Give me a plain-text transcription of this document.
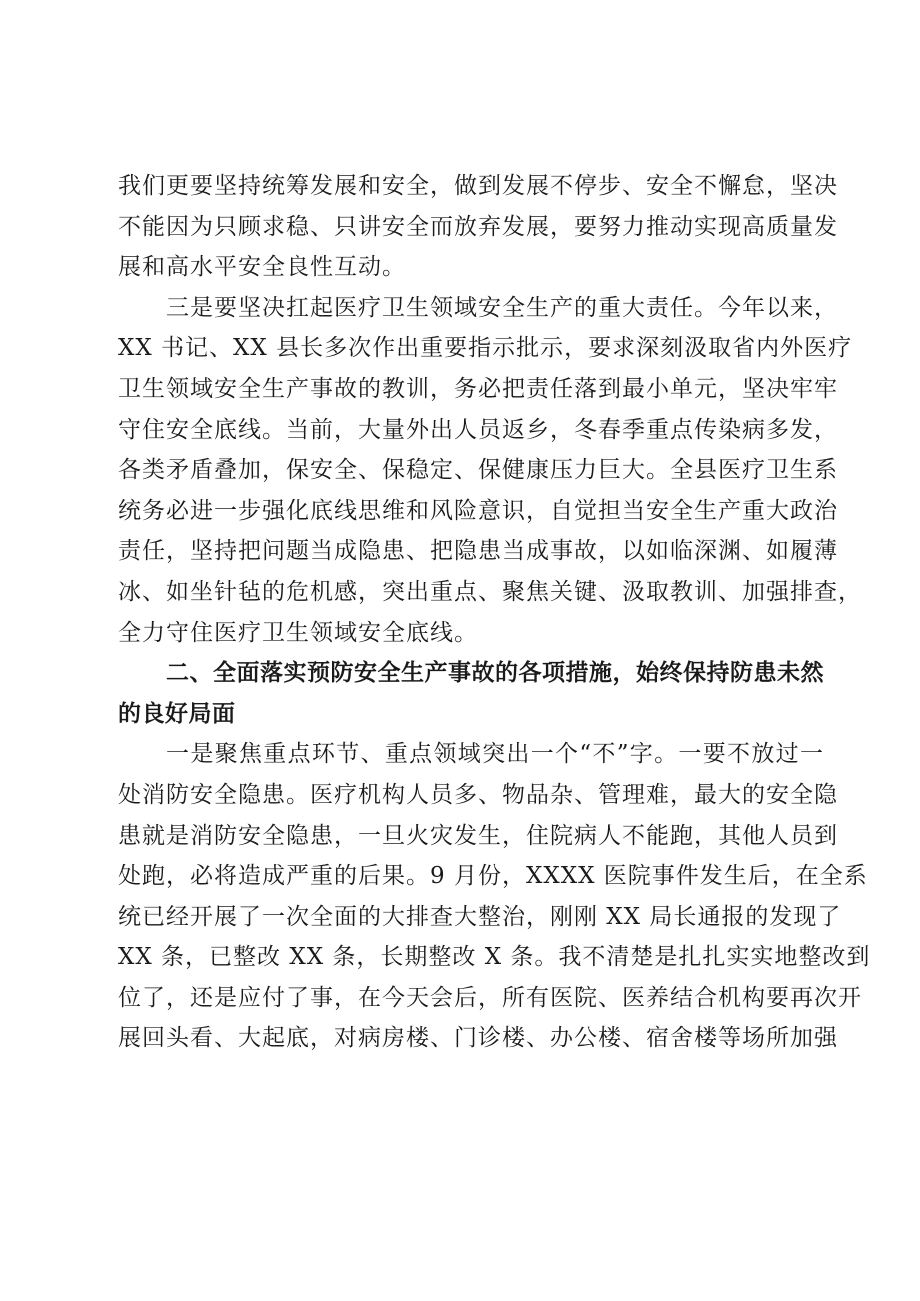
我们更要坚持统筹发展和安全，做到发展不停步、安全不懈怠，坚决
不能因为只顾求稳、只讲安全而放弃发展，要努力推动实现高质量发
展和高水平安全良性互动。
三是要坚决扛起医疗卫生领域安全生产的重大责任。今年以来，
XX 书记、XX 县长多次作出重要指示批示，要求深刻汲取省内外医疗
卫生领域安全生产事故的教训，务必把责任落到最小单元，坚决牢牢
守住安全底线。当前，大量外出人员返乡，冬春季重点传染病多发，
各类矛盾叠加，保安全、保稳定、保健康压力巨大。全县医疗卫生系
统务必进一步强化底线思维和风险意识，自觉担当安全生产重大政治
责任，坚持把问题当成隐患、把隐患当成事故，以如临深渊、如履薄
冰、如坐针毡的危机感，突出重点、聚焦关键、汲取教训、加强排查，
全力守住医疗卫生领域安全底线。
二、全面落实预防安全生产事故的各项措施，始终保持防患未然
的良好局面
一是聚焦重点环节、重点领域突出一个“不”字。一要不放过一
处消防安全隐患。医疗机构人员多、物品杂、管理难，最大的安全隐
患就是消防安全隐患，一旦火灾发生，住院病人不能跑，其他人员到
处跑，必将造成严重的后果。9 月份，XXXX 医院事件发生后，在全系
统已经开展了一次全面的大排查大整治，刚刚 XX 局长通报的发现了
XX 条，已整改 XX 条，长期整改 X 条。我不清楚是扎扎实实地整改到
位了，还是应付了事，在今天会后，所有医院、医养结合机构要再次开
展回头看、大起底，对病房楼、门诊楼、办公楼、宿舍楼等场所加强
